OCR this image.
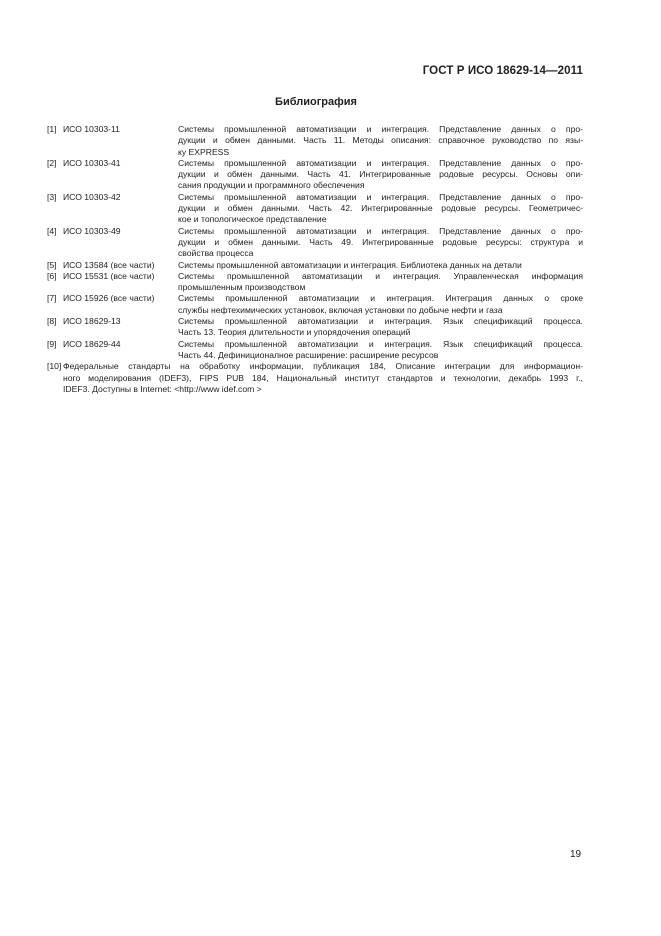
ГОСТ Р ИСО 18629-14—2011
Библиография
[1] ИСО 10303-11	Системы промышленной автоматизации и интеграция. Представление данных о про-
дукции и обмен данными. Часть 11. Методы описания: справочное руководство по язы-
ку EXPRESS
[2] ИСО 10303-41	Системы промышленной автоматизации и интеграция. Представление данных о про-
дукции и обмен данными. Часть 41. Интегрированные родовые ресурсы. Основы опи-
сания продукции и программного обеспечения
[3] ИСО 10303-42	Системы промышленной автоматизации и интеграция. Представление данных о про-
дукции и обмен данными. Часть 42. Интегрированные родовые ресурсы. Геометричес-
кое и топологическое представление
[4] ИСО 10303-49	Системы промышленной автоматизации и интеграция. Представление данных о про-
дукции и обмен данными. Часть 49. Интегрированные родовые ресурсы: структура и
свойства процесса
[5] ИСО 13584 (все части)	Системы промышленной автоматизации и интеграция. Библиотека данных на детали
[6] ИСО 15531 (все части)	Системы промышленной автоматизации и интеграция. Управленческая информация
промышленным производством
[7] ИСО 15926 (все части)	Системы промышленной автоматизации и интеграция. Интеграция данных о сроке
службы нефтехимических установок, включая установки по добыче нефти и газа
[8] ИСО 18629-13	Системы промышленной автоматизации и интеграция. Язык спецификаций процесса.
Часть 13. Теория длительности и упорядочения операций
[9] ИСО 18629-44	Системы промышленной автоматизации и интеграция. Язык спецификаций процесса.
Часть 44. Дефиниционалное расширение: расширение ресурсов
[10] Федеральные стандарты на обработку информации, публикация 184, Описание интеграции для информацион-
ного моделирования (IDEF3), FIPS PUB 184, Национальный институт стандартов и технологии, декабрь 1993 г.,
IDEF3. Доступны в Internet: <http://www idef.com >
19
